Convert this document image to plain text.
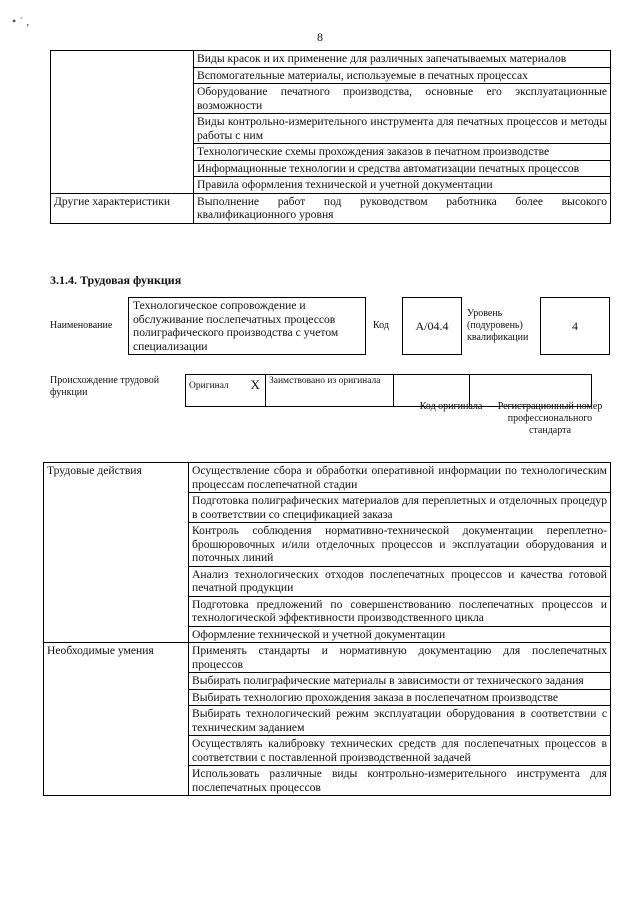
8
• ˙ ,
	Виды красок и их применение для различных запечатываемых материалов
	Вспомогательные материалы, используемые в печатных процессах
	Оборудование печатного производства, основные его эксплуатационные возможности
	Виды контрольно-измерительного инструмента для печатных процессов и методы работы с ним
	Технологические схемы прохождения заказов в печатном производстве
	Информационные технологии и средства автоматизации печатных процессов
	Правила оформления технической и учетной документации
Другие характеристики	Выполнение работ под руководством работника более высокого квалификационного уровня
3.1.4. Трудовая функция
Наименование
Технологическое сопровождение и обслуживание послепечатных процессов полиграфического производства с учетом специализации
Код	А/04.4
Уровень (подуровень) квалификации
4
Происхождение трудовой функции
Оригинал	Х	Заимствовано из оригинала		
Код оригинала	Регистрационный номер профессионального стандарта
Трудовые действия	Осуществление сбора и обработки оперативной информации по технологическим процессам послепечатной стадии
	Подготовка полиграфических материалов для переплетных и отделочных процедур в соответствии со спецификацией заказа
	Контроль соблюдения нормативно-технической документации переплетно-брошюровочных и/или отделочных процессов и эксплуатации оборудования и поточных линий
	Анализ технологических отходов послепечатных процессов и качества готовой печатной продукции
	Подготовка предложений по совершенствованию послепечатных процессов и технологической эффективности производственного цикла
	Оформление технической и учетной документации
Необходимые умения	Применять стандарты и нормативную документацию для послепечатных процессов
	Выбирать полиграфические материалы в зависимости от технического задания
	Выбирать технологию прохождения заказа в послепечатном производстве
	Выбирать технологический режим эксплуатации оборудования в соответствии с техническим заданием
	Осуществлять калибровку технических средств для послепечатных процессов в соответствии с поставленной производственной задачей
	Использовать различные виды контрольно-измерительного инструмента для послепечатных процессов
